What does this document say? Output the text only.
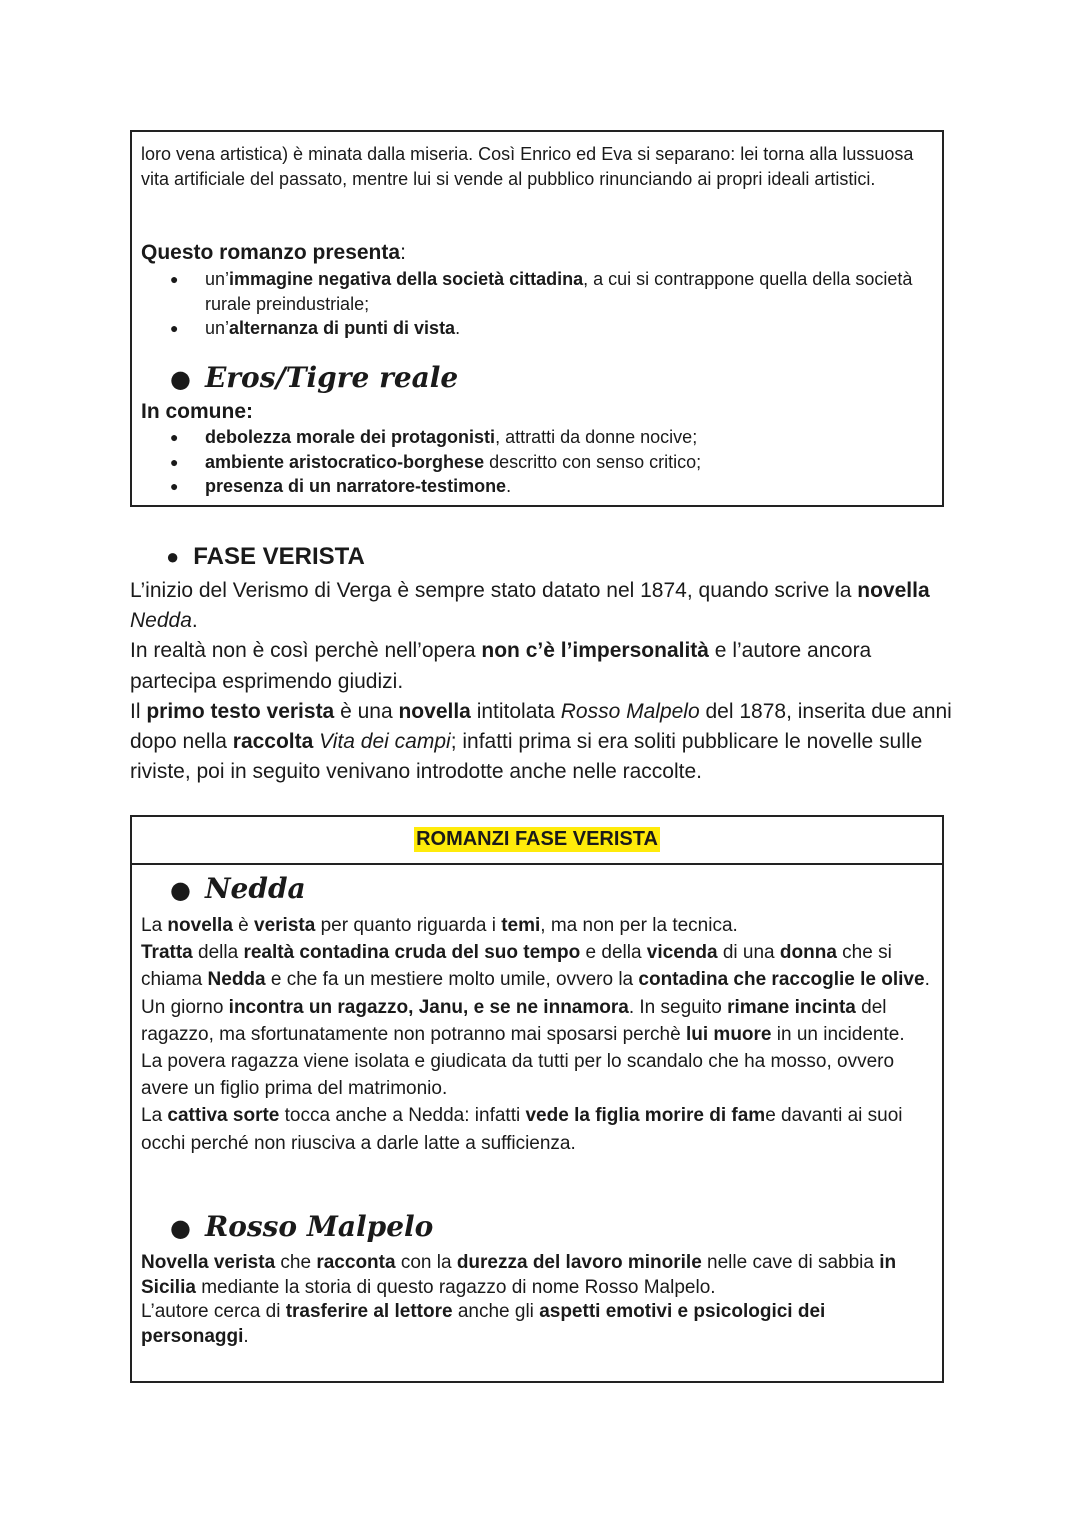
loro vena artistica) è minata dalla miseria. Così Enrico ed Eva si separano: lei torna alla lussuosa vita artificiale del passato, mentre lui si vende al pubblico rinunciando ai propri ideali artistici.

Questo romanzo presenta:

un’immagine negativa della società cittadina, a cui si contrappone quella della società rurale preindustriale;
un’alternanza di punti di vista.
● Eros/Tigre reale

In comune:

debolezza morale dei protagonisti, attratti da donne nocive;
ambiente aristocratico-borghese descritto con senso critico;
presenza di un narratore-testimone.
● FASE VERISTA
L’inizio del Verismo di Verga è sempre stato datato nel 1874, quando scrive la novella Nedda.
In realtà non è così perchè nell’opera non c’è l’impersonalità e l’autore ancora partecipa esprimendo giudizi.
Il primo testo verista è una novella intitolata Rosso Malpelo del 1878, inserita due anni dopo nella raccolta Vita dei campi; infatti prima si era soliti pubblicare le novelle sulle riviste, poi in seguito venivano introdotte anche nelle raccolte.
ROMANZI FASE VERISTA
● Nedda
La novella è verista per quanto riguarda i temi, ma non per la tecnica.
Tratta della realtà contadina cruda del suo tempo e della vicenda di una donna che si chiama Nedda e che fa un mestiere molto umile, ovvero la contadina che raccoglie le olive.
Un giorno incontra un ragazzo, Janu, e se ne innamora. In seguito rimane incinta del ragazzo, ma sfortunatamente non potranno mai sposarsi perchè lui muore in un incidente. La povera ragazza viene isolata e giudicata da tutti per lo scandalo che ha mosso, ovvero avere un figlio prima del matrimonio.
La cattiva sorte tocca anche a Nedda: infatti vede la figlia morire di fame davanti ai suoi occhi perché non riusciva a darle latte a sufficienza.
● Rosso Malpelo
Novella verista che racconta con la durezza del lavoro minorile nelle cave di sabbia in Sicilia mediante la storia di questo ragazzo di nome Rosso Malpelo.
L’autore cerca di trasferire al lettore anche gli aspetti emotivi e psicologici dei personaggi.
